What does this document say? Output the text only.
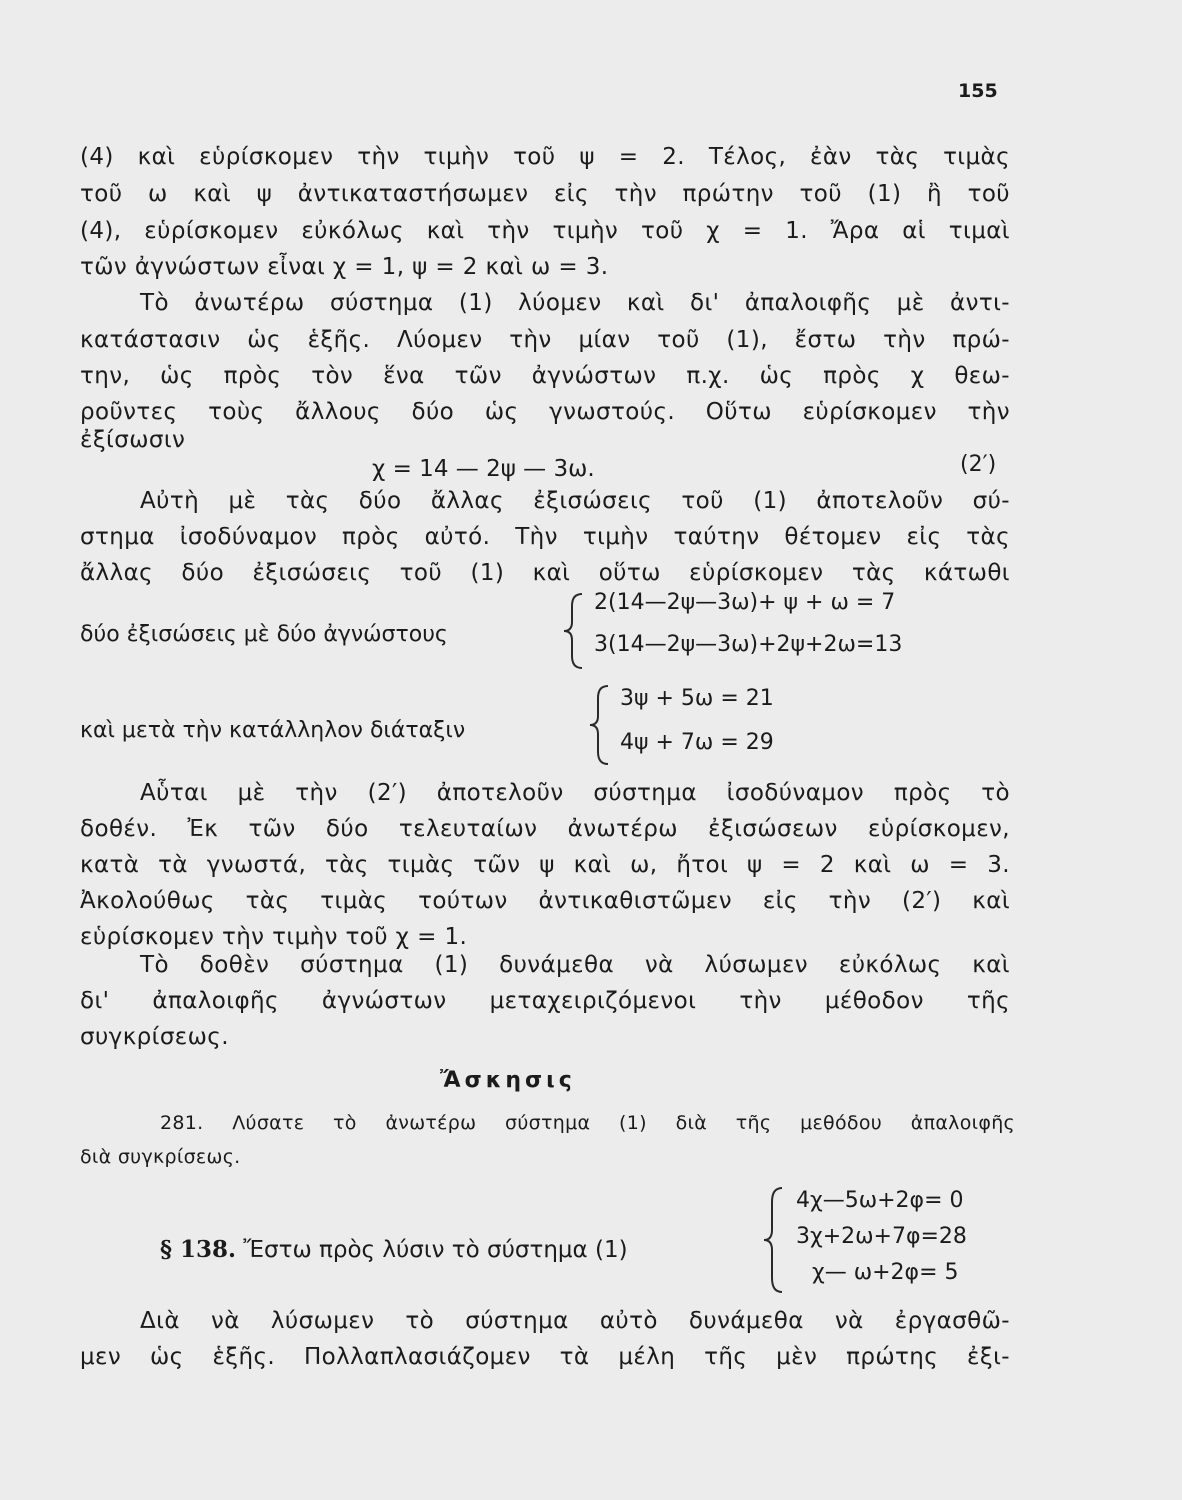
155
(4) καὶ εὑρίσκομεν τὴν τιμὴν τοῦ ψ = 2. Τέλος, ἐὰν τὰς τιμὰς
τοῦ ω καὶ ψ ἀντικαταστήσωμεν εἰς τὴν πρώτην τοῦ (1) ἢ τοῦ
(4), εὑρίσκομεν εὐκόλως καὶ τὴν τιμὴν τοῦ χ = 1. Ἄρα αἱ τιμαὶ
τῶν ἀγνώστων εἶναι χ = 1, ψ = 2 καὶ ω = 3.
Τὸ ἀνωτέρω σύστημα (1) λύομεν καὶ δι' ἀπαλοιφῆς μὲ ἀντι-
κατάστασιν ὡς ἑξῆς. Λύομεν τὴν μίαν τοῦ (1), ἔστω τὴν πρώ-
την, ὡς πρὸς τὸν ἕνα τῶν ἀγνώστων π.χ. ὡς πρὸς χ θεω-
ροῦντες τοὺς ἄλλους δύο ὡς γνωστούς. Οὕτω εὑρίσκομεν τὴν
ἐξίσωσιν
χ = 14 — 2ψ — 3ω.	(2′)
Αὐτὴ μὲ τὰς δύο ἄλλας ἐξισώσεις τοῦ (1) ἀποτελοῦν σύ-
στημα ἰσοδύναμον πρὸς αὐτό. Τὴν τιμὴν ταύτην θέτομεν εἰς τὰς
ἄλλας δύο ἐξισώσεις τοῦ (1) καὶ οὕτω εὑρίσκομεν τὰς κάτωθι
δύο ἐξισώσεις μὲ δύο ἀγνώστους
2(14—2ψ—3ω)+ ψ + ω = 7
3(14—2ψ—3ω)+2ψ+2ω=13
καὶ μετὰ τὴν κατάλληλον διάταξιν
3ψ + 5ω = 21
4ψ + 7ω = 29
Αὗται μὲ τὴν (2′) ἀποτελοῦν σύστημα ἰσοδύναμον πρὸς τὸ
δοθέν. Ἐκ τῶν δύο τελευταίων ἀνωτέρω ἐξισώσεων εὑρίσκομεν,
κατὰ τὰ γνωστά, τὰς τιμὰς τῶν ψ καὶ ω, ἤτοι ψ = 2 καὶ ω = 3.
Ἀκολούθως τὰς τιμὰς τούτων ἀντικαθιστῶμεν εἰς τὴν (2′) καὶ
εὑρίσκομεν τὴν τιμὴν τοῦ χ = 1.
Τὸ δοθὲν σύστημα (1) δυνάμεθα νὰ λύσωμεν εὐκόλως καὶ
δι' ἀπαλοιφῆς ἀγνώστων μεταχειριζόμενοι τὴν μέθοδον τῆς
συγκρίσεως.
Ἄσκησις
281. Λύσατε τὸ ἀνωτέρω σύστημα (1) διὰ τῆς μεθόδου ἀπαλοιφῆς
διὰ συγκρίσεως.
§ 138. Ἔστω πρὸς λύσιν τὸ σύστημα (1)
4χ—5ω+2φ= 0
3χ+2ω+7φ=28
χ— ω+2φ= 5
Διὰ νὰ λύσωμεν τὸ σύστημα αὐτὸ δυνάμεθα νὰ ἐργασθῶ-
μεν ὡς ἑξῆς. Πολλαπλασιάζομεν τὰ μέλη τῆς μὲν πρώτης ἐξι-
